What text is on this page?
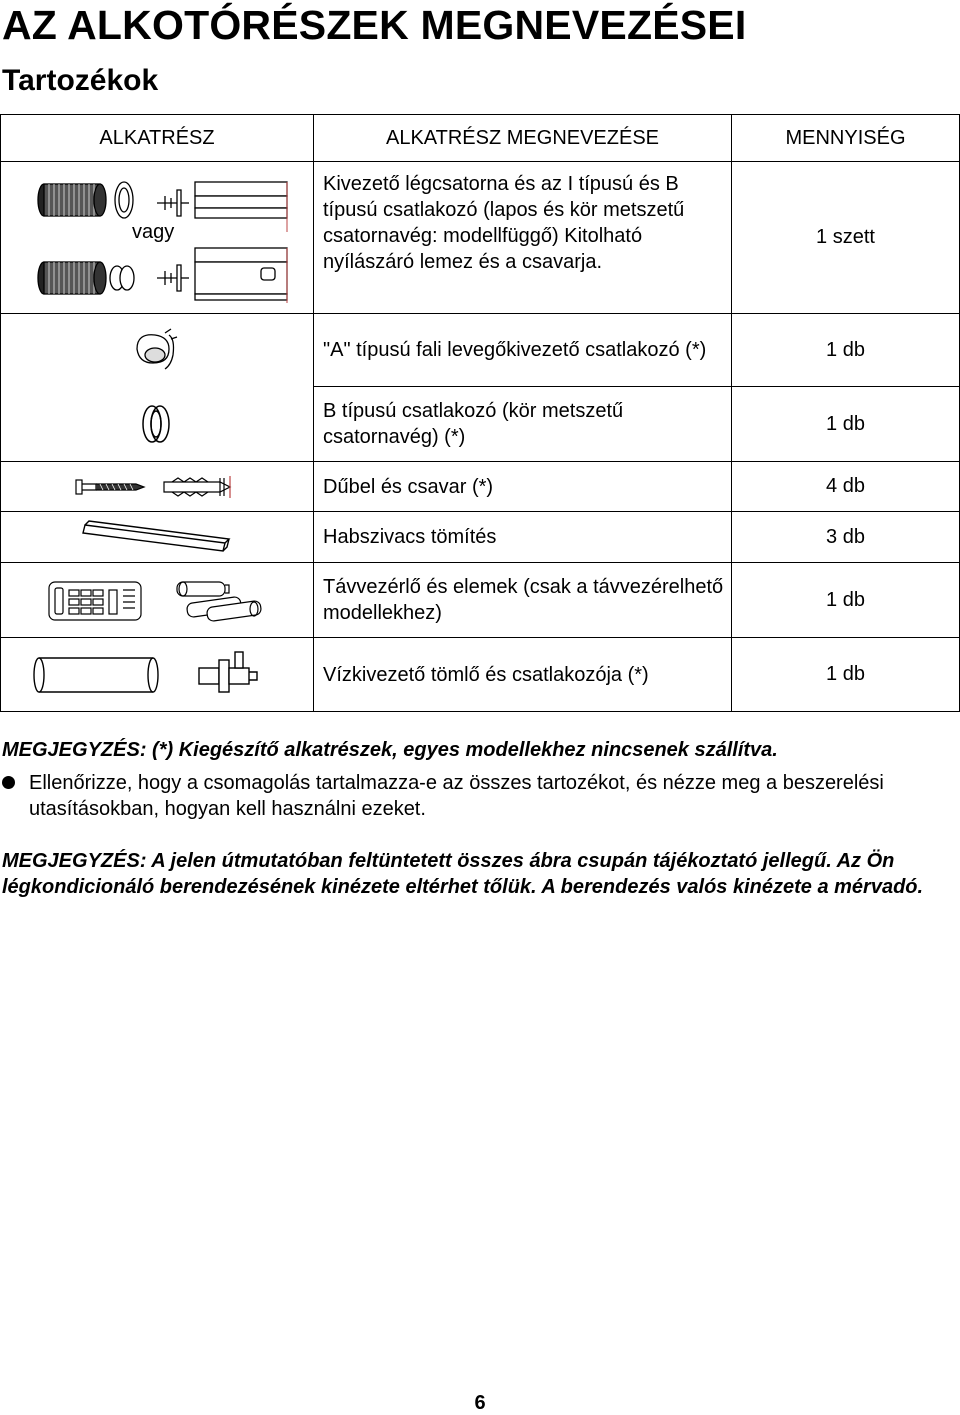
AZ ALKOTÓRÉSZEK MEGNEVEZÉSEI
Tartozékok
ALKATRÉSZ	ALKATRÉSZ MEGNEVEZÉSE	MENNYISÉG

vagy	Kivezető légcsatorna és az I típusú és B típusú csatlakozó (lapos és kör metszetű csatornavég: modellfüggő) Kitolható nyílászáró lemez és a csavarja.	1 szett

	"A" típusú fali levegőkivezető csatlakozó (*)	1 db

	B típusú csatlakozó (kör metszetű csatornavég) (*)	1 db

	Dűbel és csavar (*)	4 db

	Habszivacs tömítés	3 db

	Távvezérlő és elemek (csak a távvezérelhető modellekhez)	1 db

	Vízkivezető tömlő és csatlakozója (*)	1 db
MEGJEGYZÉS: (*) Kiegészítő alkatrészek, egyes modellekhez nincsenek szállítva.
Ellenőrizze, hogy a csomagolás tartalmazza-e az összes tartozékot, és nézze meg a beszerelési utasításokban, hogyan kell használni ezeket.
MEGJEGYZÉS: A jelen útmutatóban feltüntetett összes ábra csupán tájékoztató jellegű. Az Ön légkondicionáló berendezésének kinézete eltérhet tőlük. A berendezés valós kinézete a mérvadó.
6
